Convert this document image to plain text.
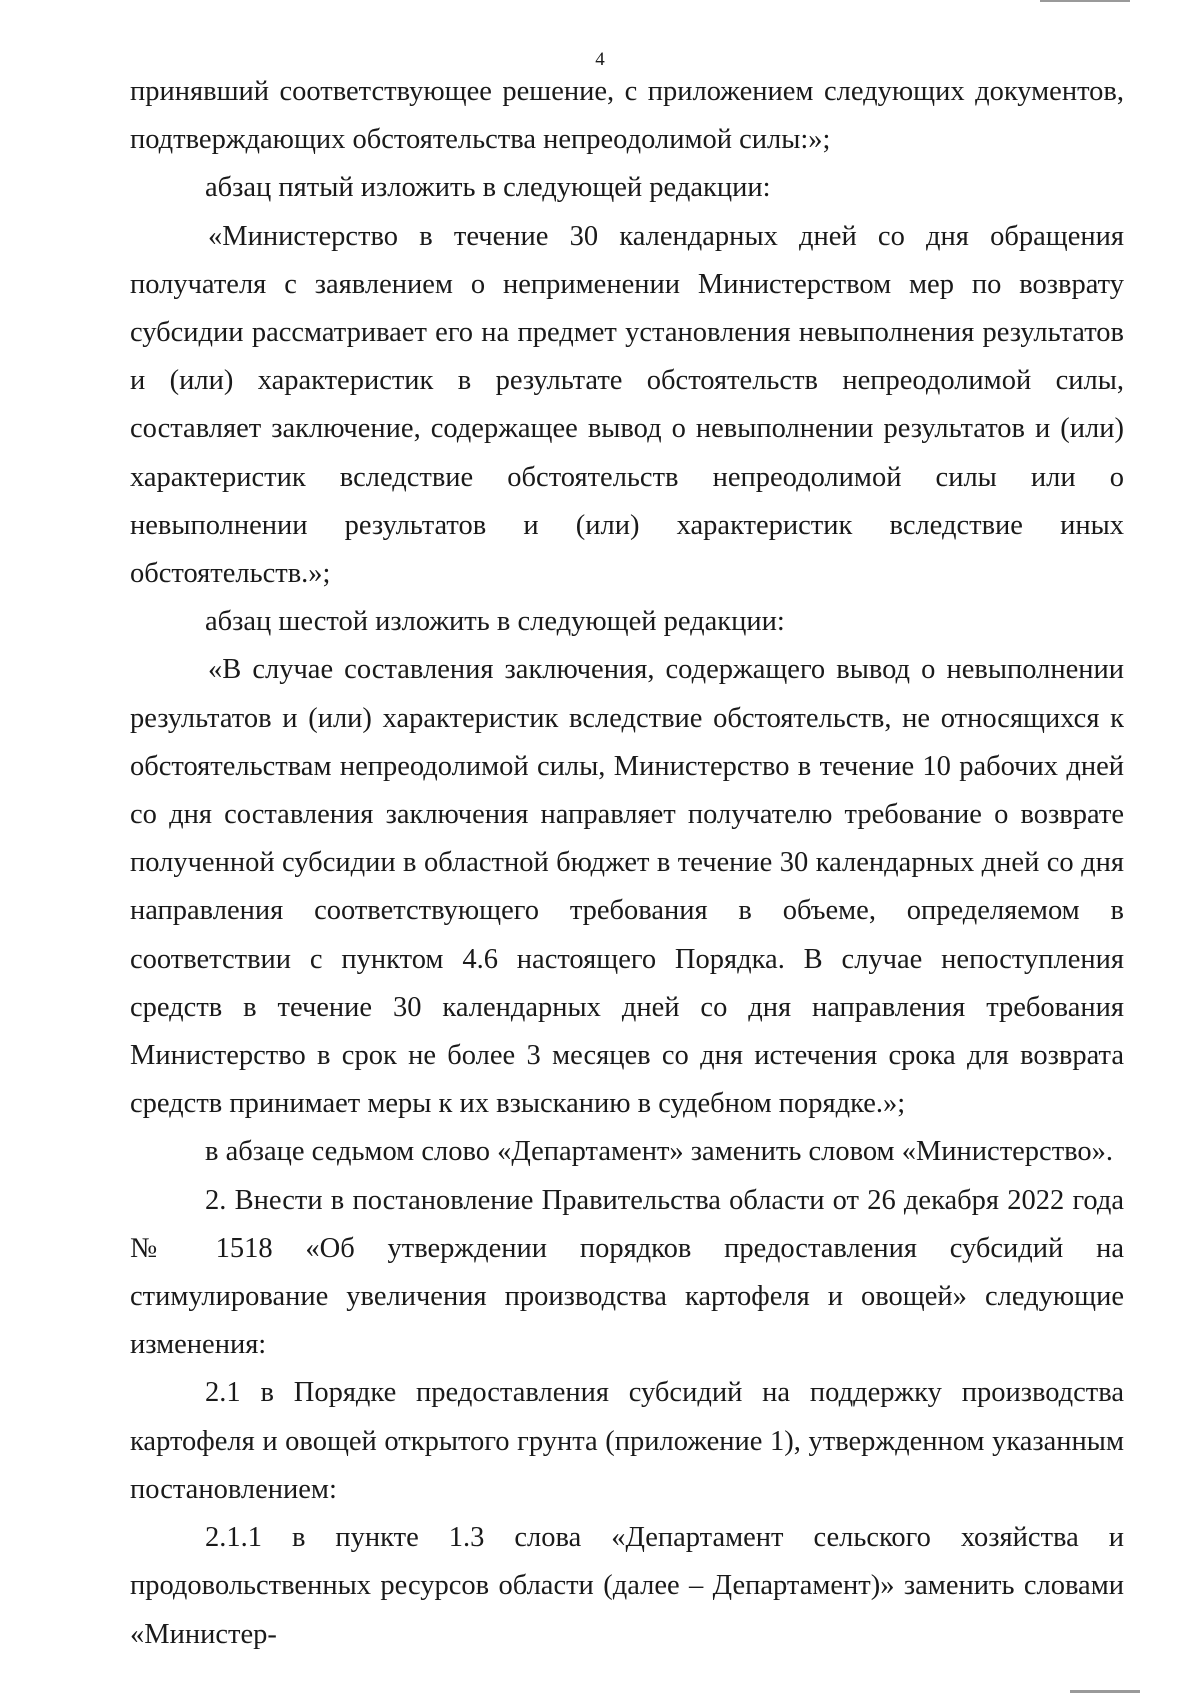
4

принявший соответствующее решение, с приложением следующих документов, подтверждающих обстоятельства непреодолимой силы:»;

абзац пятый изложить в следующей редакции:

«Министерство в течение 30 календарных дней со дня обращения получателя с заявлением о неприменении Министерством мер по возврату субсидии рассматривает его на предмет установления невыполнения результатов и (или) характеристик в результате обстоятельств непреодолимой силы, составляет заключение, содержащее вывод о невыполнении результатов и (или) характеристик вследствие обстоятельств непреодолимой силы или о невыполнении результатов и (или) характеристик вследствие иных обстоятельств.»;

абзац шестой изложить в следующей редакции:

«В случае составления заключения, содержащего вывод о невыполнении результатов и (или) характеристик вследствие обстоятельств, не относящихся к обстоятельствам непреодолимой силы, Министерство в течение 10 рабочих дней со дня составления заключения направляет получателю требование о возврате полученной субсидии в областной бюджет в течение 30 календарных дней со дня направления соответствующего требования в объеме, определяемом в соответствии с пунктом 4.6 настоящего Порядка. В случае непоступления средств в течение 30 календарных дней со дня направления требования Министерство в срок не более 3 месяцев со дня истечения срока для возврата средств принимает меры к их взысканию в судебном порядке.»;

в абзаце седьмом слово «Департамент» заменить словом «Министерство».

2. Внести в постановление Правительства области от 26 декабря 2022 года № 1518 «Об утверждении порядков предоставления субсидий на стимулирование увеличения производства картофеля и овощей» следующие изменения:

2.1 в Порядке предоставления субсидий на поддержку производства картофеля и овощей открытого грунта (приложение 1), утвержденном указанным постановлением:

2.1.1 в пункте 1.3 слова «Департамент сельского хозяйства и продовольственных ресурсов области (далее – Департамент)» заменить словами «Министер-
